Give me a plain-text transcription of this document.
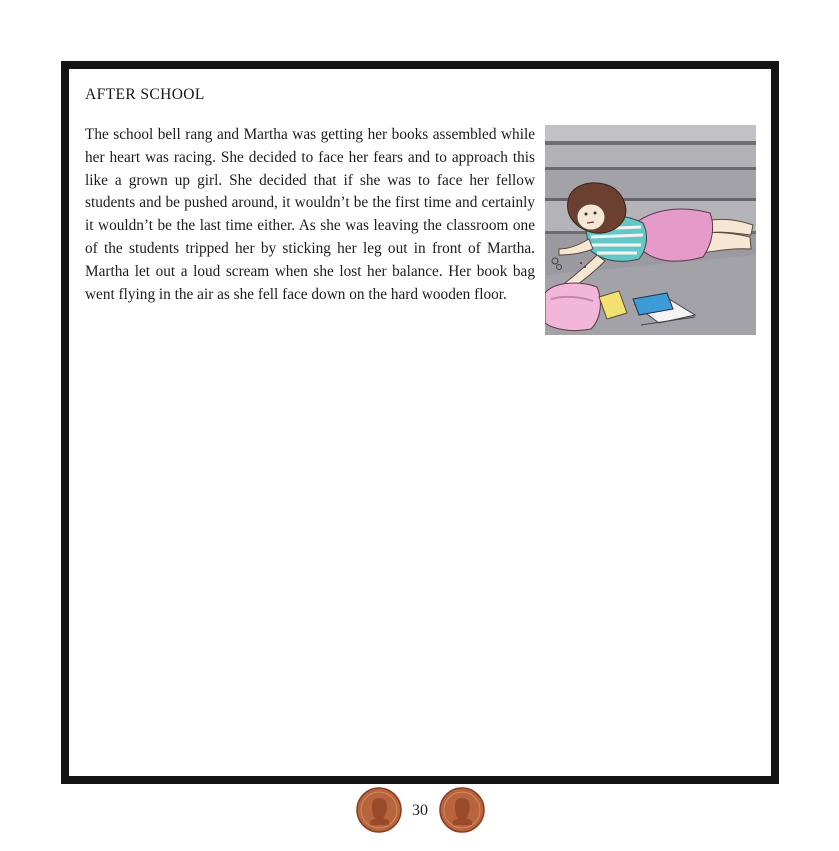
AFTER SCHOOL

The school bell rang and Martha was getting her books assembled while her heart was racing. She decided to face her fears and to approach this like a grown up girl. She decided that if she was to face her fellow students and be pushed around, it wouldn’t be the first time and certainly it wouldn’t be the last time either. As she was leaving the classroom one of the students tripped her by sticking her leg out in front of Martha. Martha let out a loud scream when she lost her balance. Her book bag went flying in the air as she fell face down on the hard wooden floor.

30
